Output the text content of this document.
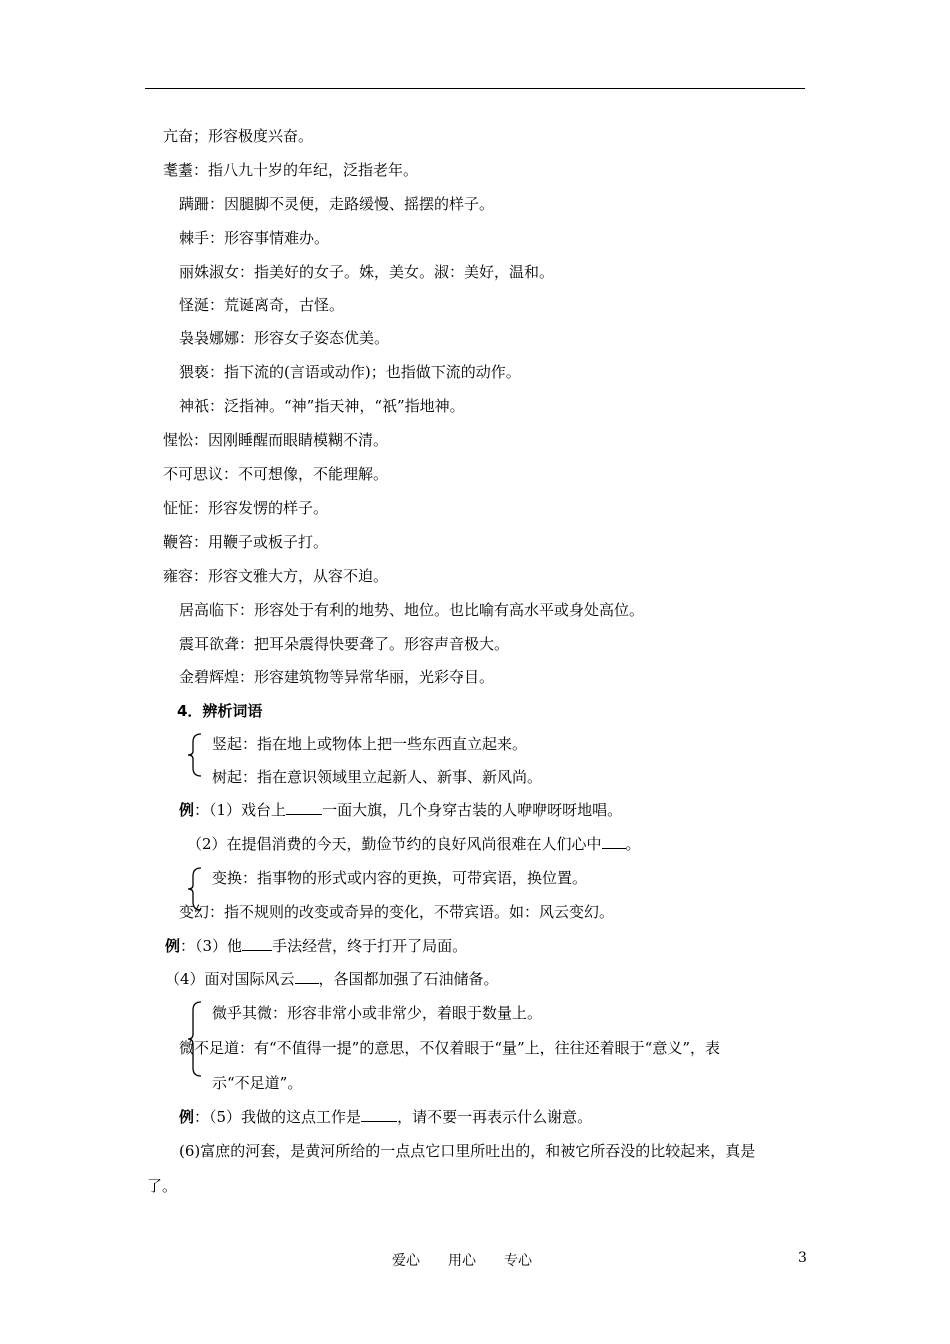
亢奋；形容极度兴奋。
耄耋：指八九十岁的年纪，泛指老年。
蹒跚：因腿脚不灵便，走路缓慢、摇摆的样子。
棘手：形容事情难办。
丽姝淑女：指美好的女子。姝，美女。淑：美好，温和。
怪涎：荒诞离奇，古怪。
袅袅娜娜：形容女子姿态优美。
猥亵：指下流的(言语或动作)；也指做下流的动作。
神祇：泛指神。“神”指天神，“祇”指地神。
惺忪：因刚睡醒而眼睛模糊不清。
不可思议：不可想像，不能理解。
怔怔：形容发愣的样子。
鞭笞：用鞭子或板子打。
雍容：形容文雅大方，从容不迫。
居高临下：形容处于有利的地势、地位。也比喻有高水平或身处高位。
震耳欲聋：把耳朵震得快要聋了。形容声音极大。
金碧辉煌：形容建筑物等异常华丽，光彩夺目。
4．辨析词语
竖起：指在地上或物体上把一些东西直立起来。
树起：指在意识领域里立起新人、新事、新风尚。
例：（1）戏台上 一面大旗，几个身穿古装的人咿咿呀呀地唱。
（2）在提倡消费的今天，勤俭节约的良好风尚很难在人们心中 。
变换：指事物的形式或内容的更换，可带宾语，换位置。
变幻：指不规则的改变或奇异的变化，不带宾语。如：风云变幻。
例：（3）他 手法经营，终于打开了局面。
（4）面对国际风云 ，各国都加强了石油储备。
微乎其微：形容非常小或非常少，着眼于数量上。
微不足道：有“不值得一提”的意思，不仅着眼于“量”上，往往还着眼于“意义”，表
示“不足道”。
例：（5）我做的这点工作是 ，请不要一再表示什么谢意。
(6)富庶的河套，是黄河所给的一点点它口里所吐出的，和被它所吞没的比较起来，真是
了。
爱心　　用心　　专心	3
